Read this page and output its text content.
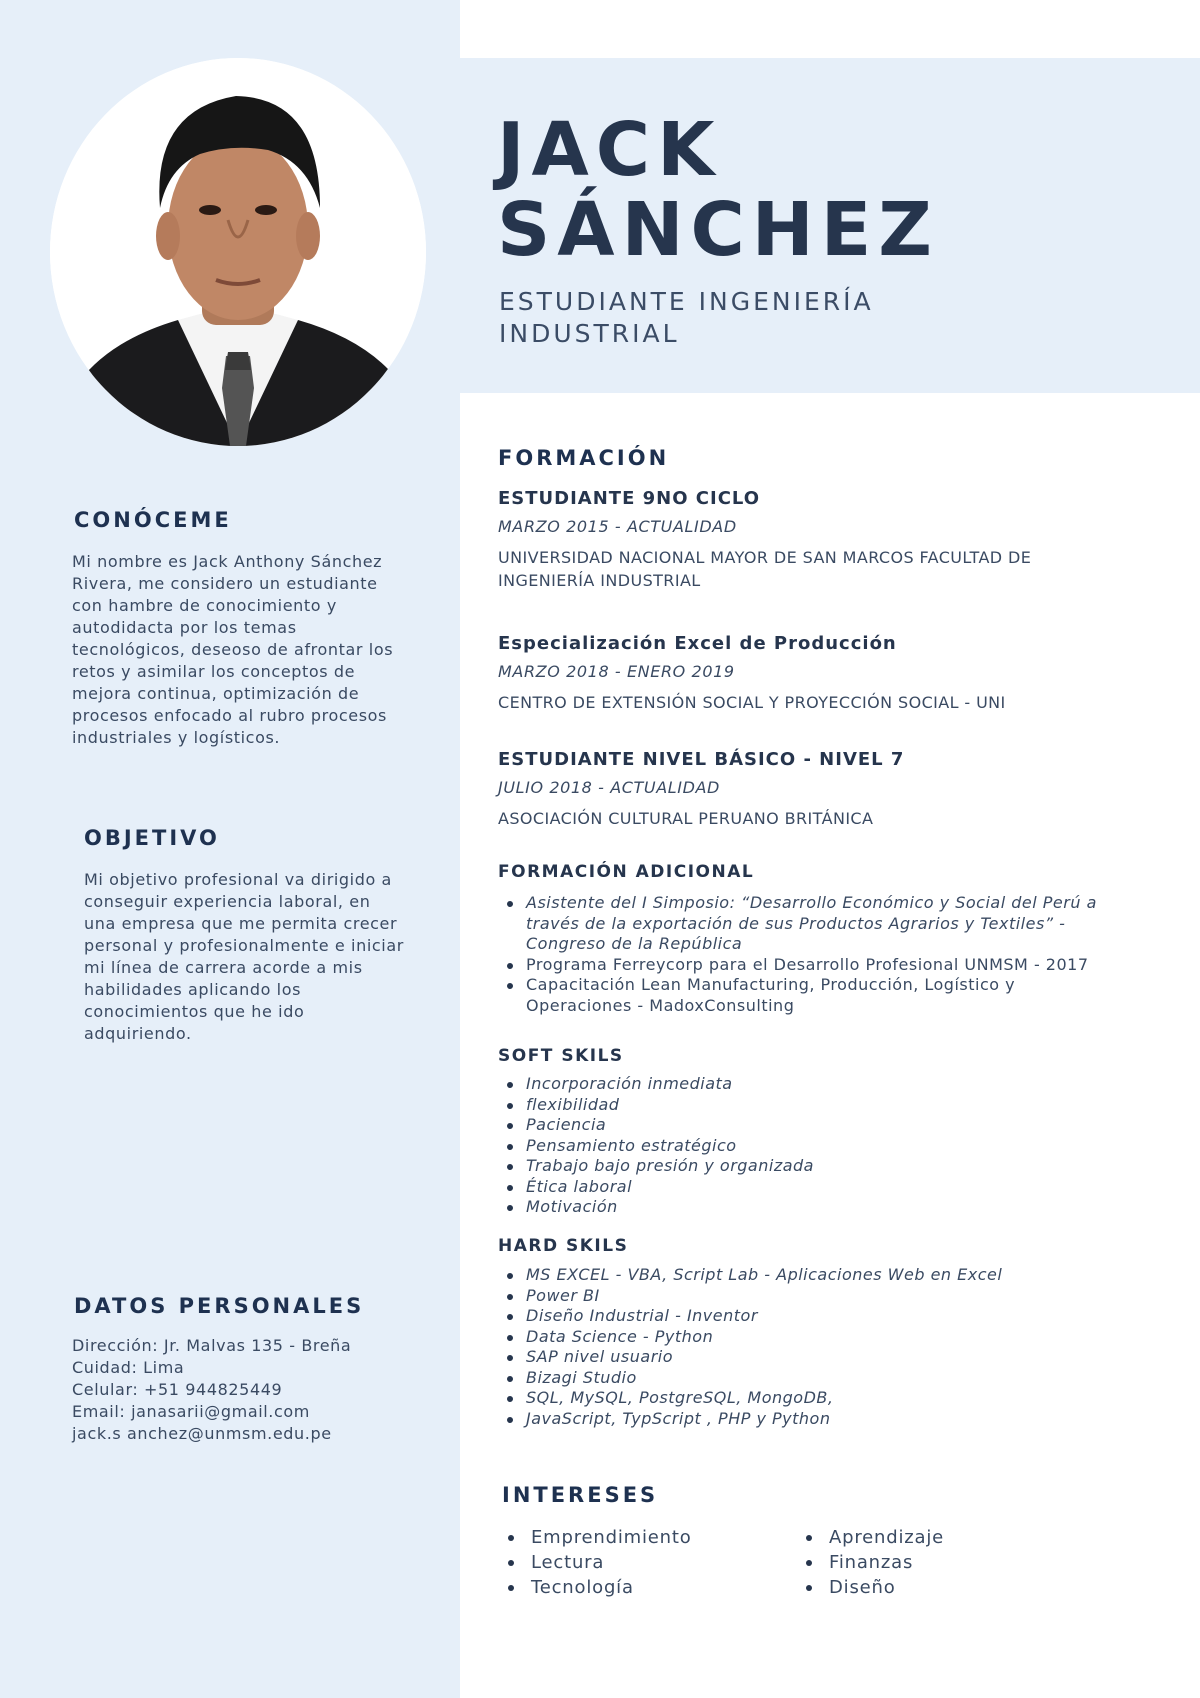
JACK
SÁNCHEZ

ESTUDIANTE INGENIERÍA
INDUSTRIAL

CONÓCEME
Mi nombre es Jack Anthony Sánchez
Rivera, me considero un estudiante
con hambre de conocimiento y
autodidacta por los temas
tecnológicos, deseoso de afrontar los
retos y asimilar los conceptos de
mejora continua, optimización de
procesos enfocado al rubro procesos
industriales y logísticos.
OBJETIVO
Mi objetivo profesional va dirigido a
conseguir experiencia laboral, en
una empresa que me permita crecer
personal y profesionalmente e iniciar
mi línea de carrera acorde a mis
habilidades aplicando los
conocimientos que he ido
adquiriendo.
DATOS PERSONALES

Dirección: Jr. Malvas 135 - Breña

Cuidad: Lima

Celular: +51 944825449

Email: janasarii@gmail.com

jack.s anchez@unmsm.edu.pe

FORMACIÓN

ESTUDIANTE 9NO CICLO

MARZO 2015 - ACTUALIDAD

UNIVERSIDAD NACIONAL MAYOR DE SAN MARCOS FACULTAD DE
INGENIERÍA INDUSTRIAL

Especialización Excel de Producción

MARZO 2018 - ENERO 2019

CENTRO DE EXTENSIÓN SOCIAL Y PROYECCIÓN SOCIAL - UNI

ESTUDIANTE NIVEL BÁSICO - NIVEL 7

JULIO 2018 - ACTUALIDAD

ASOCIACIÓN CULTURAL PERUANO BRITÁNICA

FORMACIÓN ADICIONAL
Asistente del I Simposio: “Desarrollo Económico y Social del Perú a
través de la exportación de sus Productos Agrarios y Textiles” -
Congreso de la República
Programa Ferreycorp para el Desarrollo Profesional UNMSM - 2017
Capacitación Lean Manufacturing, Producción, Logístico y
Operaciones - MadoxConsulting
SOFT SKILS
Incorporación inmediata
flexibilidad
Paciencia
Pensamiento estratégico
Trabajo bajo presión y organizada
Ética laboral
Motivación
HARD SKILS
MS EXCEL - VBA, Script Lab - Aplicaciones Web en Excel
Power BI
Diseño Industrial - Inventor
Data Science - Python
SAP nivel usuario
Bizagi Studio
SQL, MySQL, PostgreSQL, MongoDB,
JavaScript, TypScript , PHP y Python
INTERESES
Emprendimiento
Lectura
Tecnología
Aprendizaje
Finanzas
Diseño
